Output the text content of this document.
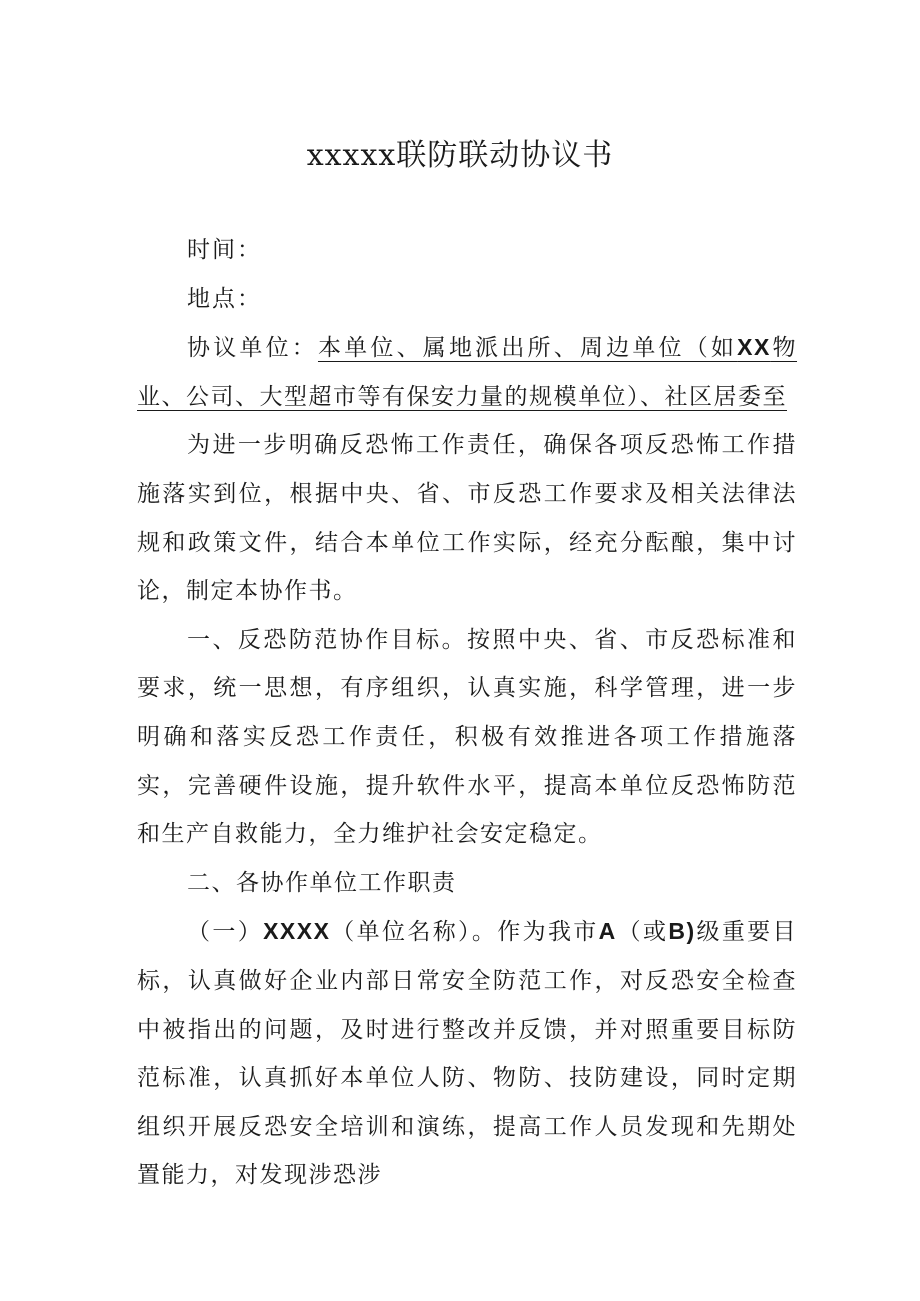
xxxxx联防联动协议书

时间：

地点：

协议单位：本单位、属地派出所、周边单位（如XX物业、公司、大型超市等有保安力量的规模单位）、社区居委至

为进一步明确反恐怖工作责任，确保各项反恐怖工作措施落实到位，根据中央、省、市反恐工作要求及相关法律法规和政策文件，结合本单位工作实际，经充分酝酿，集中讨论，制定本协作书。

一、反恐防范协作目标。按照中央、省、市反恐标准和要求，统一思想，有序组织，认真实施，科学管理，进一步明确和落实反恐工作责任，积极有效推进各项工作措施落实，完善硬件设施，提升软件水平，提高本单位反恐怖防范和生产自救能力，全力维护社会安定稳定。

二、各协作单位工作职责

（一）XXXX（单位名称）。作为我市A（或B)级重要目标，认真做好企业内部日常安全防范工作，对反恐安全检查中被指出的问题，及时进行整改并反馈，并对照重要目标防范标准，认真抓好本单位人防、物防、技防建设，同时定期组织开展反恐安全培训和演练，提高工作人员发现和先期处置能力，对发现涉恐涉
